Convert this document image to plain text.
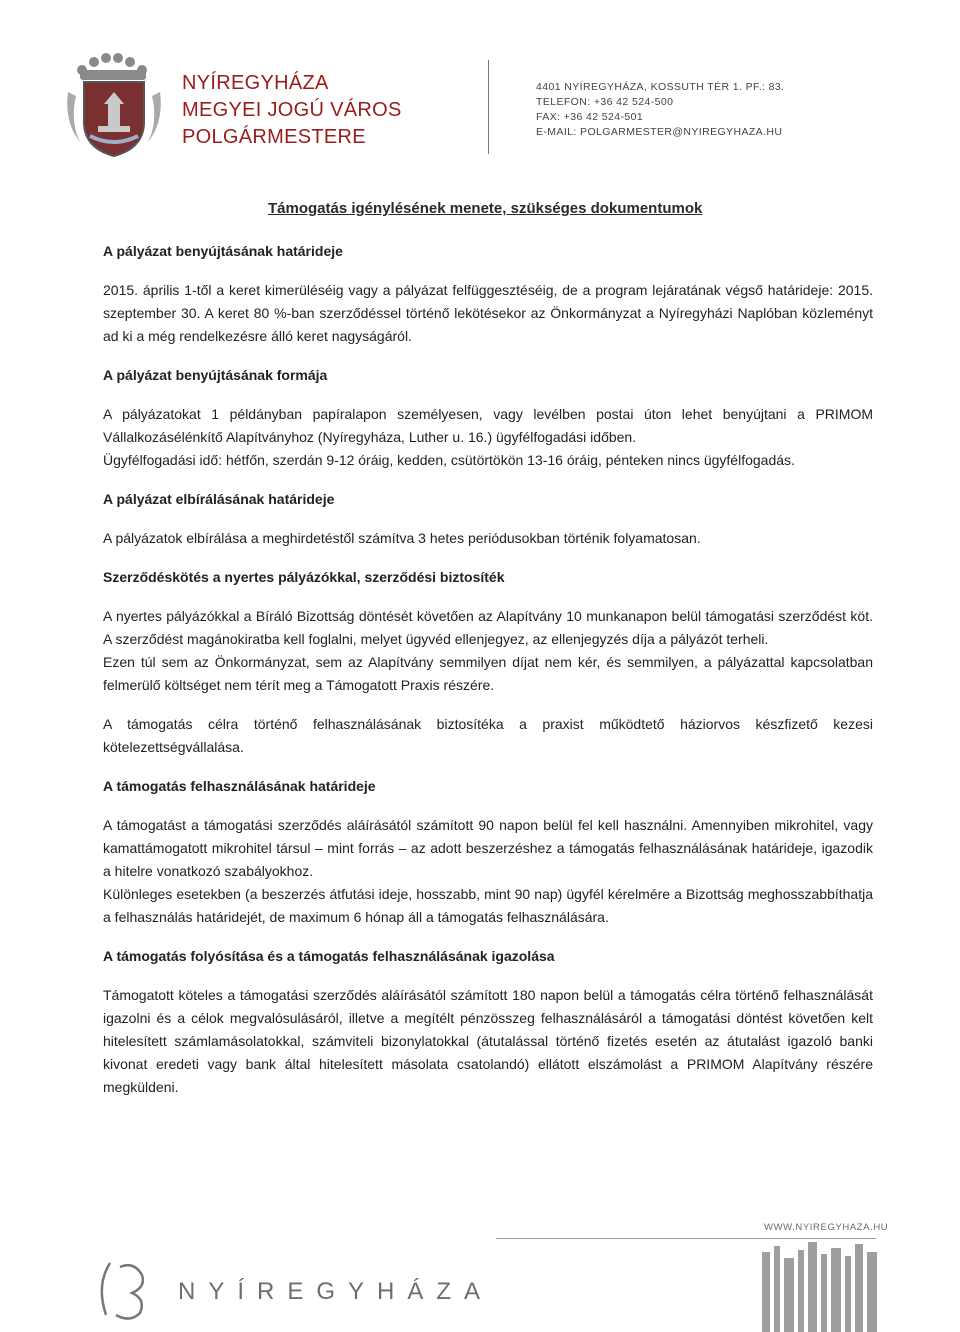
NYÍREGYHÁZA
MEGYEI JOGÚ VÁROS
POLGÁRMESTERE
4401 NYÍREGYHÁZA, KOSSUTH TÉR 1. PF.: 83.
TELEFON: +36 42 524-500
FAX: +36 42 524-501
E-MAIL: POLGARMESTER@NYIREGYHAZA.HU
Támogatás igénylésének menete, szükséges dokumentumok

A pályázat benyújtásának határideje

2015. április 1-től a keret kimerüléséig vagy a pályázat felfüggesztéséig, de a program lejáratának végső határideje: 2015. szeptember 30. A keret 80 %-ban szerződéssel történő lekötésekor az Önkormányzat a Nyíregyházi Naplóban közleményt ad ki a még rendelkezésre álló keret nagyságáról.

A pályázat benyújtásának formája

A pályázatokat 1 példányban papíralapon személyesen, vagy levélben postai úton lehet benyújtani a PRIMOM Vállalkozásélénkítő Alapítványhoz (Nyíregyháza, Luther u. 16.) ügyfélfogadási időben.

Ügyfélfogadási idő: hétfőn, szerdán 9-12 óráig, kedden, csütörtökön 13-16 óráig, pénteken nincs ügyfélfogadás.

A pályázat elbírálásának határideje

A pályázatok elbírálása a meghirdetéstől számítva 3 hetes periódusokban történik folyamatosan.

Szerződéskötés a nyertes pályázókkal, szerződési biztosíték

A nyertes pályázókkal a Bíráló Bizottság döntését követően az Alapítvány 10 munkanapon belül támogatási szerződést köt. A szerződést magánokiratba kell foglalni, melyet ügyvéd ellenjegyez, az ellenjegyzés díja a pályázót terheli.

Ezen túl sem az Önkormányzat, sem az Alapítvány semmilyen díjat nem kér, és semmilyen, a pályázattal kapcsolatban felmerülő költséget nem térít meg a Támogatott Praxis részére.

A támogatás célra történő felhasználásának biztosítéka a praxist működtető háziorvos készfizető kezesi kötelezettségvállalása.

A támogatás felhasználásának határideje

A támogatást a támogatási szerződés aláírásától számított 90 napon belül fel kell használni. Amennyiben mikrohitel, vagy kamattámogatott mikrohitel társul – mint forrás – az adott beszerzéshez a támogatás felhasználásának határideje, igazodik a hitelre vonatkozó szabályokhoz.

Különleges esetekben (a beszerzés átfutási ideje, hosszabb, mint 90 nap) ügyfél kérelmére a Bizottság meghosszabbíthatja a felhasználás határidejét, de maximum 6 hónap áll a támogatás felhasználására.

A támogatás folyósítása és a támogatás felhasználásának igazolása

Támogatott köteles a támogatási szerződés aláírásától számított 180 napon belül a támogatás célra történő felhasználását igazolni és a célok megvalósulásáról, illetve a megítélt pénzösszeg felhasználásáról a támogatási döntést követően kelt hitelesített számlamásolatokkal, számviteli bizonylatokkal (átutalással történő fizetés esetén az átutalást igazoló banki kivonat eredeti vagy bank által hitelesített másolata csatolandó) ellátott elszámolást a PRIMOM Alapítvány részére megküldeni.

WWW.NYIREGYHAZA.HU
NYÍREGYHÁZA
